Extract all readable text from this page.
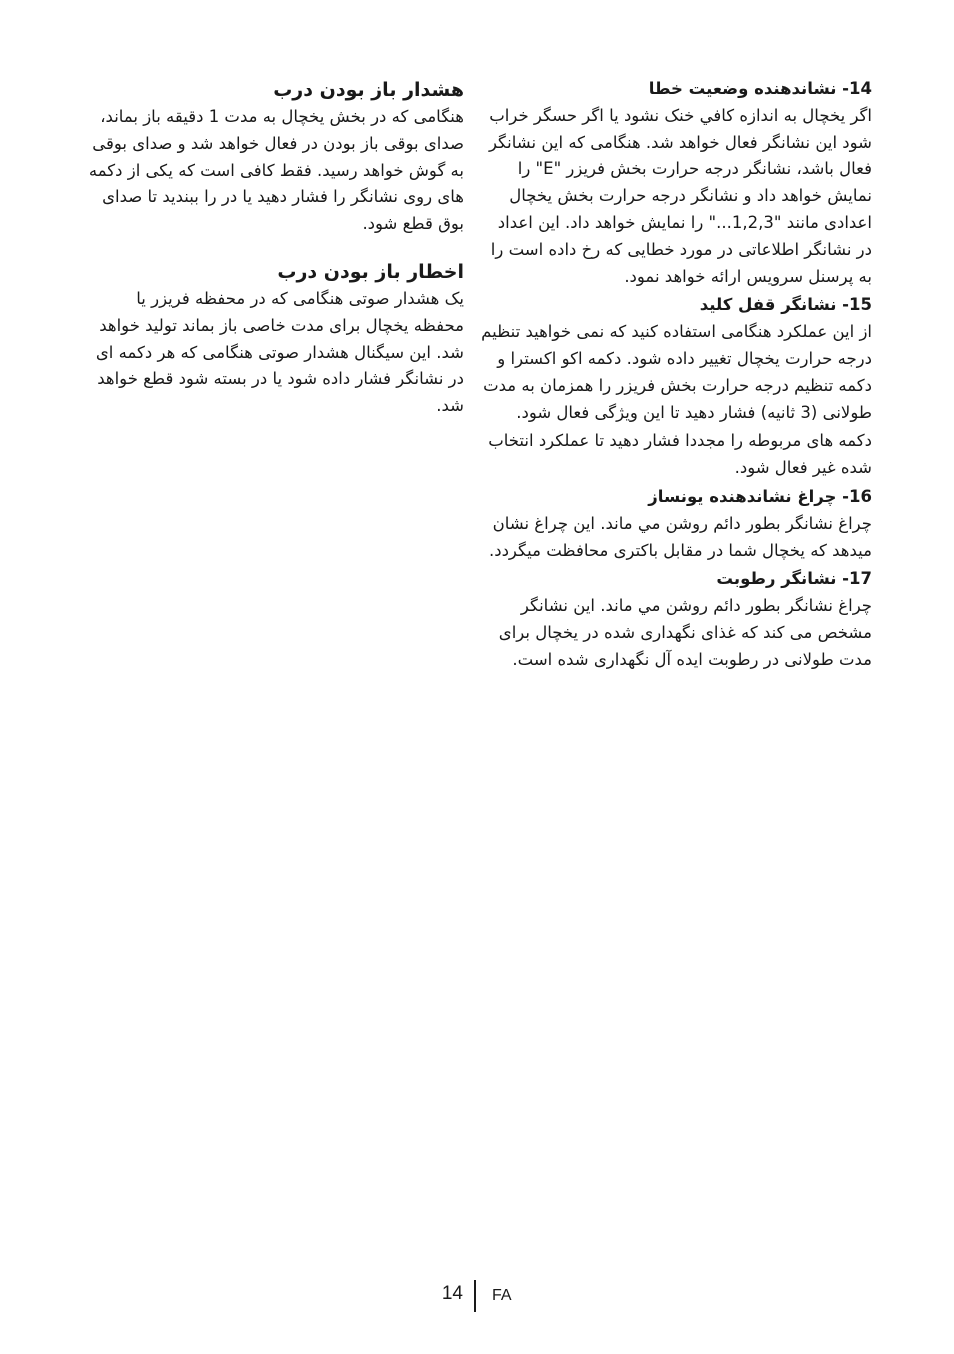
14- نشاندهنده وضعیت خطا

اگر يخچال به اندازه كافي خنک نشود يا اگر حسگر خراب شود اين نشانگر فعال خواهد شد. هنگامی که اين نشانگر فعال باشد، نشانگر درجه حرارت بخش فريزر "E" را نمايش خواهد داد و نشانگر درجه حرارت بخش يخچال اعدادی مانند "1,2,3..." را نمايش خواهد داد. اين اعداد در نشانگر اطلاعاتی در مورد خطايی که رخ داده است را به پرسنل سرويس ارائه خواهد نمود.

15- نشانگر قفل کلید

از اين عملکرد هنگامی استفاده کنيد که نمی خواهيد تنظيم درجه حرارت يخچال تغيير داده شود. دکمه اکو اکسترا و دکمه تنظيم درجه حرارت بخش فريزر را همزمان به مدت طولانی (3 ثانيه) فشار دهيد تا اين ويژگی فعال شود.

دکمه های مربوطه را مجددا فشار دهيد تا عملکرد انتخاب شده غير فعال شود.

16- چراغ نشاندهنده یونساز

چراغ نشانگر بطور دائم روشن مي ماند. اين چراغ نشان ميدهد که يخچال شما در مقابل باکتری محافظت ميگردد.

17- نشانگر رطوبت

چراغ نشانگر بطور دائم روشن مي ماند. اين نشانگر مشخص می کند که غذای نگهداری شده در يخچال برای مدت طولانی در رطوبت ايده آل نگهداری شده است.

هشدار باز بودن درب

هنگامی که در بخش يخچال به مدت 1 دقيقه باز بماند، صدای بوقی باز بودن در فعال خواهد شد و صدای بوقی به گوش خواهد رسيد. فقط کافی است که يکی از دکمه های روی نشانگر را فشار دهيد يا در را ببنديد تا صدای بوق قطع شود.

اخطار باز بودن درب

یک هشدار صوتی هنگامی که در محفظه فریزر یا محفظه یخچال برای مدت خاصی باز بماند تولید خواهد شد. این سیگنال هشدار صوتی هنگامی که هر دکمه ای در نشانگر فشار داده شود یا در بسته شود قطع خواهد شد.

14 FA
